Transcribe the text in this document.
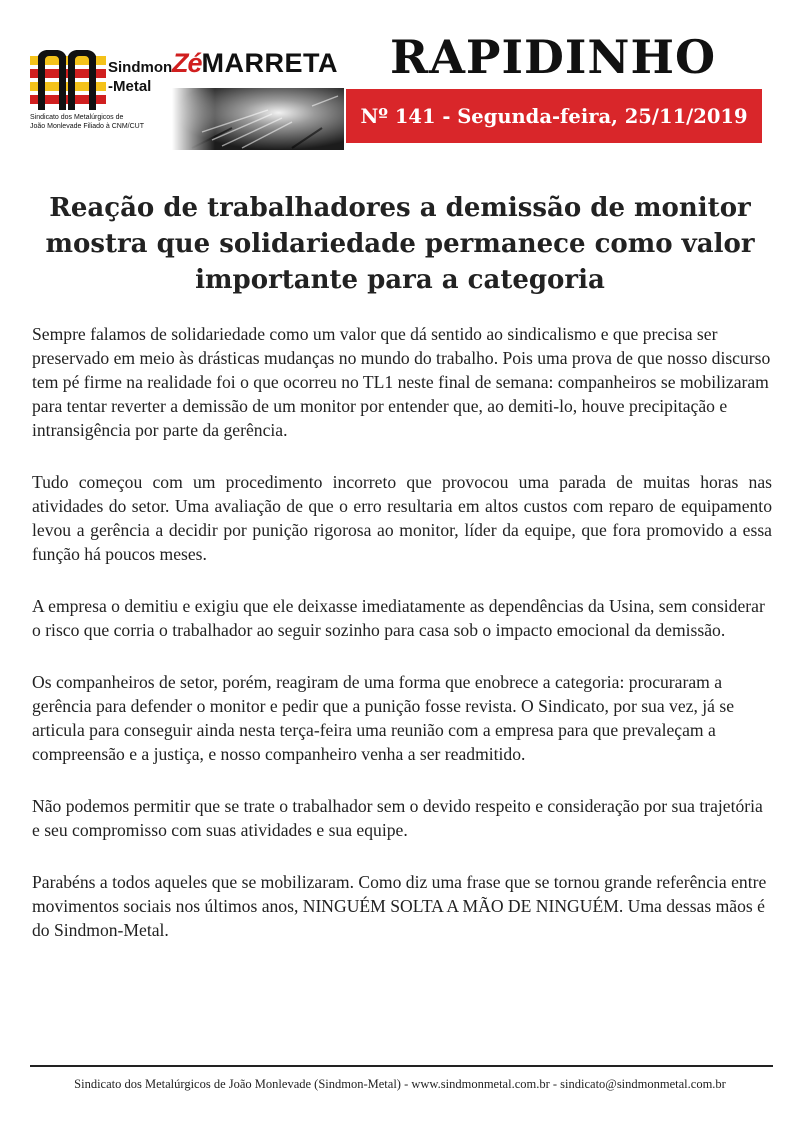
Sindmon
-Metal
Sindicato dos Metalúrgicos de
João Monlevade Filiado à CNM/CUT
ZéMARRETA RAPIDINHO
Nº 141 - Segunda-feira, 25/11/2019
Reação de trabalhadores a demissão de monitor mostra que solidariedade permanece como valor importante para a categoria

Sempre falamos de solidariedade como um valor que dá sentido ao sindicalismo e que precisa ser preservado em meio às drásticas mudanças no mundo do trabalho. Pois uma prova de que nosso discurso tem pé firme na realidade foi o que ocorreu no TL1 neste final de semana: companheiros se mobilizaram para tentar reverter a demissão de um monitor por entender que, ao demiti-lo, houve precipitação e intransigência por parte da gerência.

Tudo começou com um procedimento incorreto que provocou uma parada de muitas horas nas atividades do setor. Uma avaliação de que o erro resultaria em altos custos com reparo de equipamento levou a gerência a decidir por punição rigorosa ao monitor, líder da equipe, que fora promovido a essa função há poucos meses.

A empresa o demitiu e exigiu que ele deixasse imediatamente as dependências da Usina, sem considerar o risco que corria o trabalhador ao seguir sozinho para casa sob o impacto emocional da demissão.

Os companheiros de setor, porém, reagiram de uma forma que enobrece a categoria: procuraram a gerência para defender o monitor e pedir que a punição fosse revista. O Sindicato, por sua vez, já se articula para conseguir ainda nesta terça-feira uma reunião com a empresa para que prevaleçam a compreensão e a justiça, e nosso companheiro venha a ser readmitido.

Não podemos permitir que se trate o trabalhador sem o devido respeito e consideração por sua trajetória e seu compromisso com suas atividades e sua equipe.

Parabéns a todos aqueles que se mobilizaram. Como diz uma frase que se tornou grande referência entre movimentos sociais nos últimos anos, NINGUÉM SOLTA A MÃO DE NINGUÉM. Uma dessas mãos é do Sindmon-Metal.

Sindicato dos Metalúrgicos de João Monlevade (Sindmon-Metal) - www.sindmonmetal.com.br - sindicato@sindmonmetal.com.br
